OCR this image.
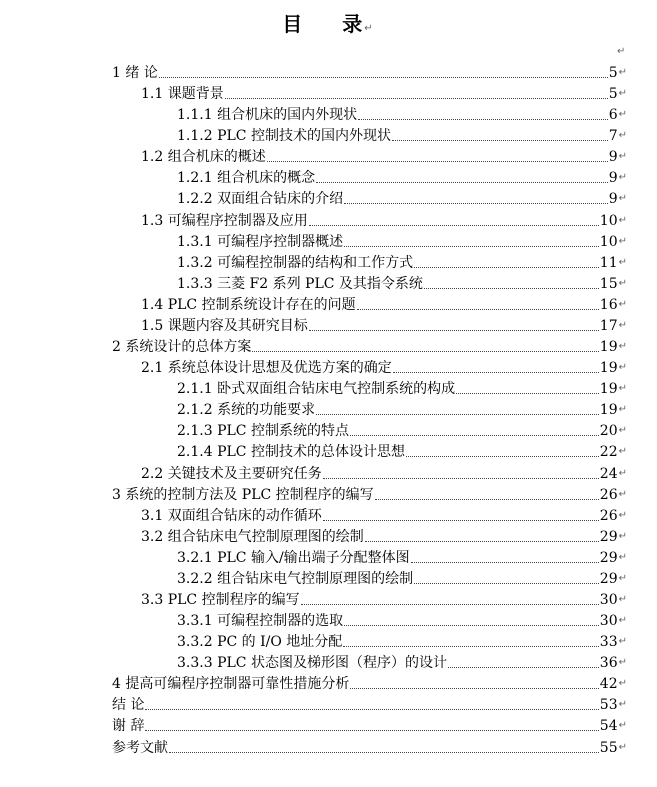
目 录↵
↵
1 绪 论	5 ↵
1.1 课题背景	5 ↵
1.1.1 组合机床的国内外现状	6 ↵
1.1.2 PLC 控制技术的国内外现状	7 ↵
1.2 组合机床的概述	9 ↵
1.2.1 组合机床的概念	9 ↵
1.2.2 双面组合钻床的介绍	9 ↵
1.3 可编程序控制器及应用	10 ↵
1.3.1 可编程序控制器概述	10 ↵
1.3.2 可编程控制器的结构和工作方式	11 ↵
1.3.3 三菱 F2 系列 PLC 及其指令系统	15 ↵
1.4 PLC 控制系统设计存在的问题	16 ↵
1.5 课题内容及其研究目标	17 ↵
2 系统设计的总体方案	19 ↵
2.1 系统总体设计思想及优选方案的确定	19 ↵
2.1.1 卧式双面组合钻床电气控制系统的构成	19 ↵
2.1.2 系统的功能要求	19 ↵
2.1.3 PLC 控制系统的特点	20 ↵
2.1.4 PLC 控制技术的总体设计思想	22 ↵
2.2 关键技术及主要研究任务	24 ↵
3 系统的控制方法及 PLC 控制程序的编写	26 ↵
3.1 双面组合钻床的动作循环	26 ↵
3.2 组合钻床电气控制原理图的绘制	29 ↵
3.2.1 PLC 输入/输出端子分配整体图	29 ↵
3.2.2 组合钻床电气控制原理图的绘制	29 ↵
3.3 PLC 控制程序的编写	30 ↵
3.3.1 可编程控制器的选取	30 ↵
3.3.2 PC 的 I/O 地址分配	33 ↵
3.3.3 PLC 状态图及梯形图（程序）的设计	36 ↵
4 提高可编程序控制器可靠性措施分析	42 ↵
结 论	53 ↵
谢 辞	54 ↵
参考文献	55 ↵
